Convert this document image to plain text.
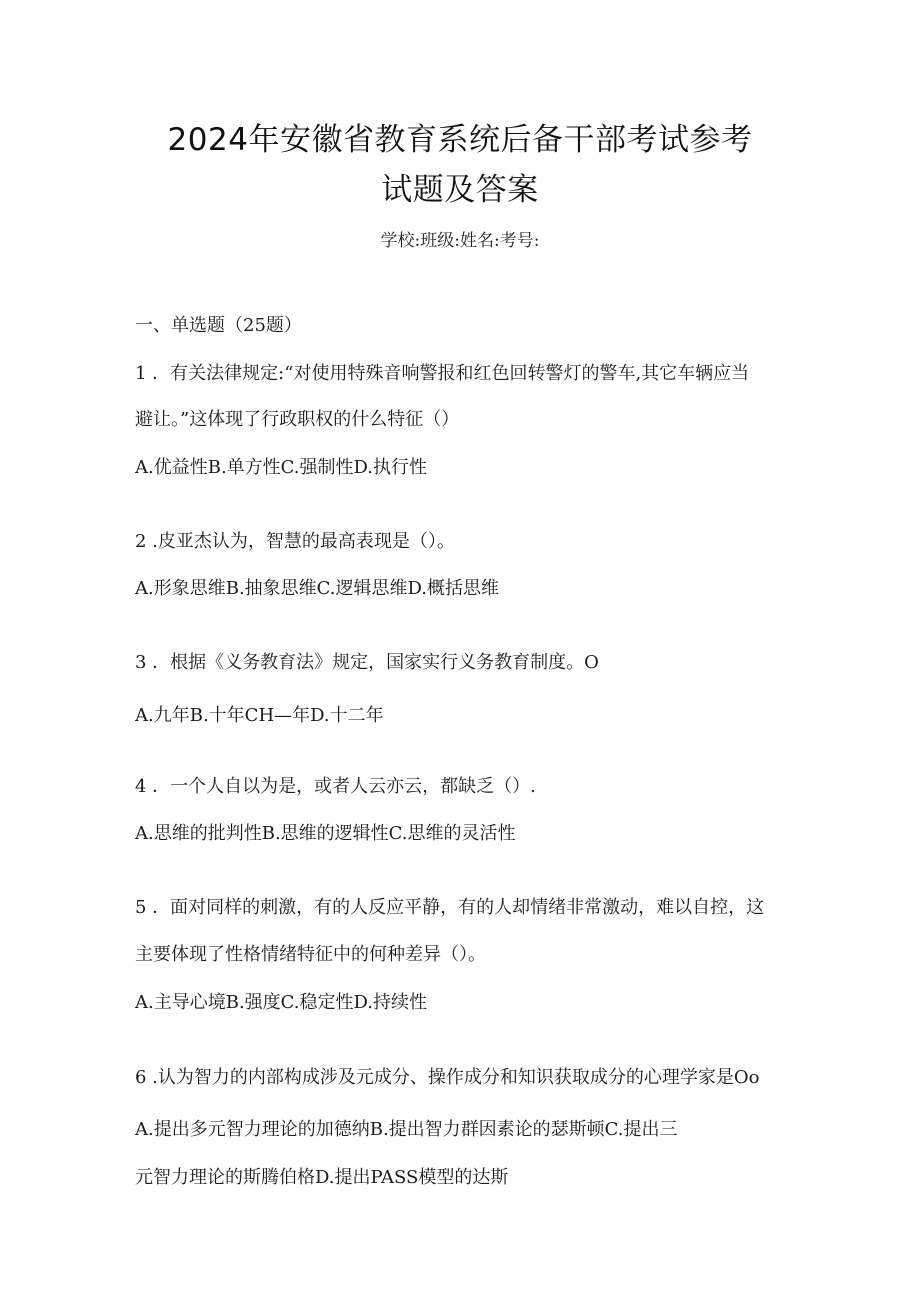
2024年安徽省教育系统后备干部考试参考
试题及答案
学校:班级:姓名:考号:
一、单选题（25题）
1 ．有关法律规定:“对使用特殊音响警报和红色回转警灯的警车,其它车辆应当
避让。”这体现了行政职权的什么特征（）
A.优益性B.单方性C.强制性D.执行性
2 .皮亚杰认为，智慧的最高表现是（）。
A.形象思维B.抽象思维C.逻辑思维D.概括思维
3 ．根据《义务教育法》规定，国家实行义务教育制度。O
A.九年B.十年CH—年D.十二年
4 ．一个人自以为是，或者人云亦云，都缺乏（）.
A.思维的批判性B.思维的逻辑性C.思维的灵活性
5 ．面对同样的刺激，有的人反应平静，有的人却情绪非常激动，难以自控，这
主要体现了性格情绪特征中的何种差异（）。
A.主导心境B.强度C.稳定性D.持续性
6 .认为智力的内部构成涉及元成分、操作成分和知识获取成分的心理学家是Oo
A.提出多元智力理论的加德纳B.提出智力群因素论的瑟斯顿C.提出三
元智力理论的斯腾伯格D.提出PASS模型的达斯
